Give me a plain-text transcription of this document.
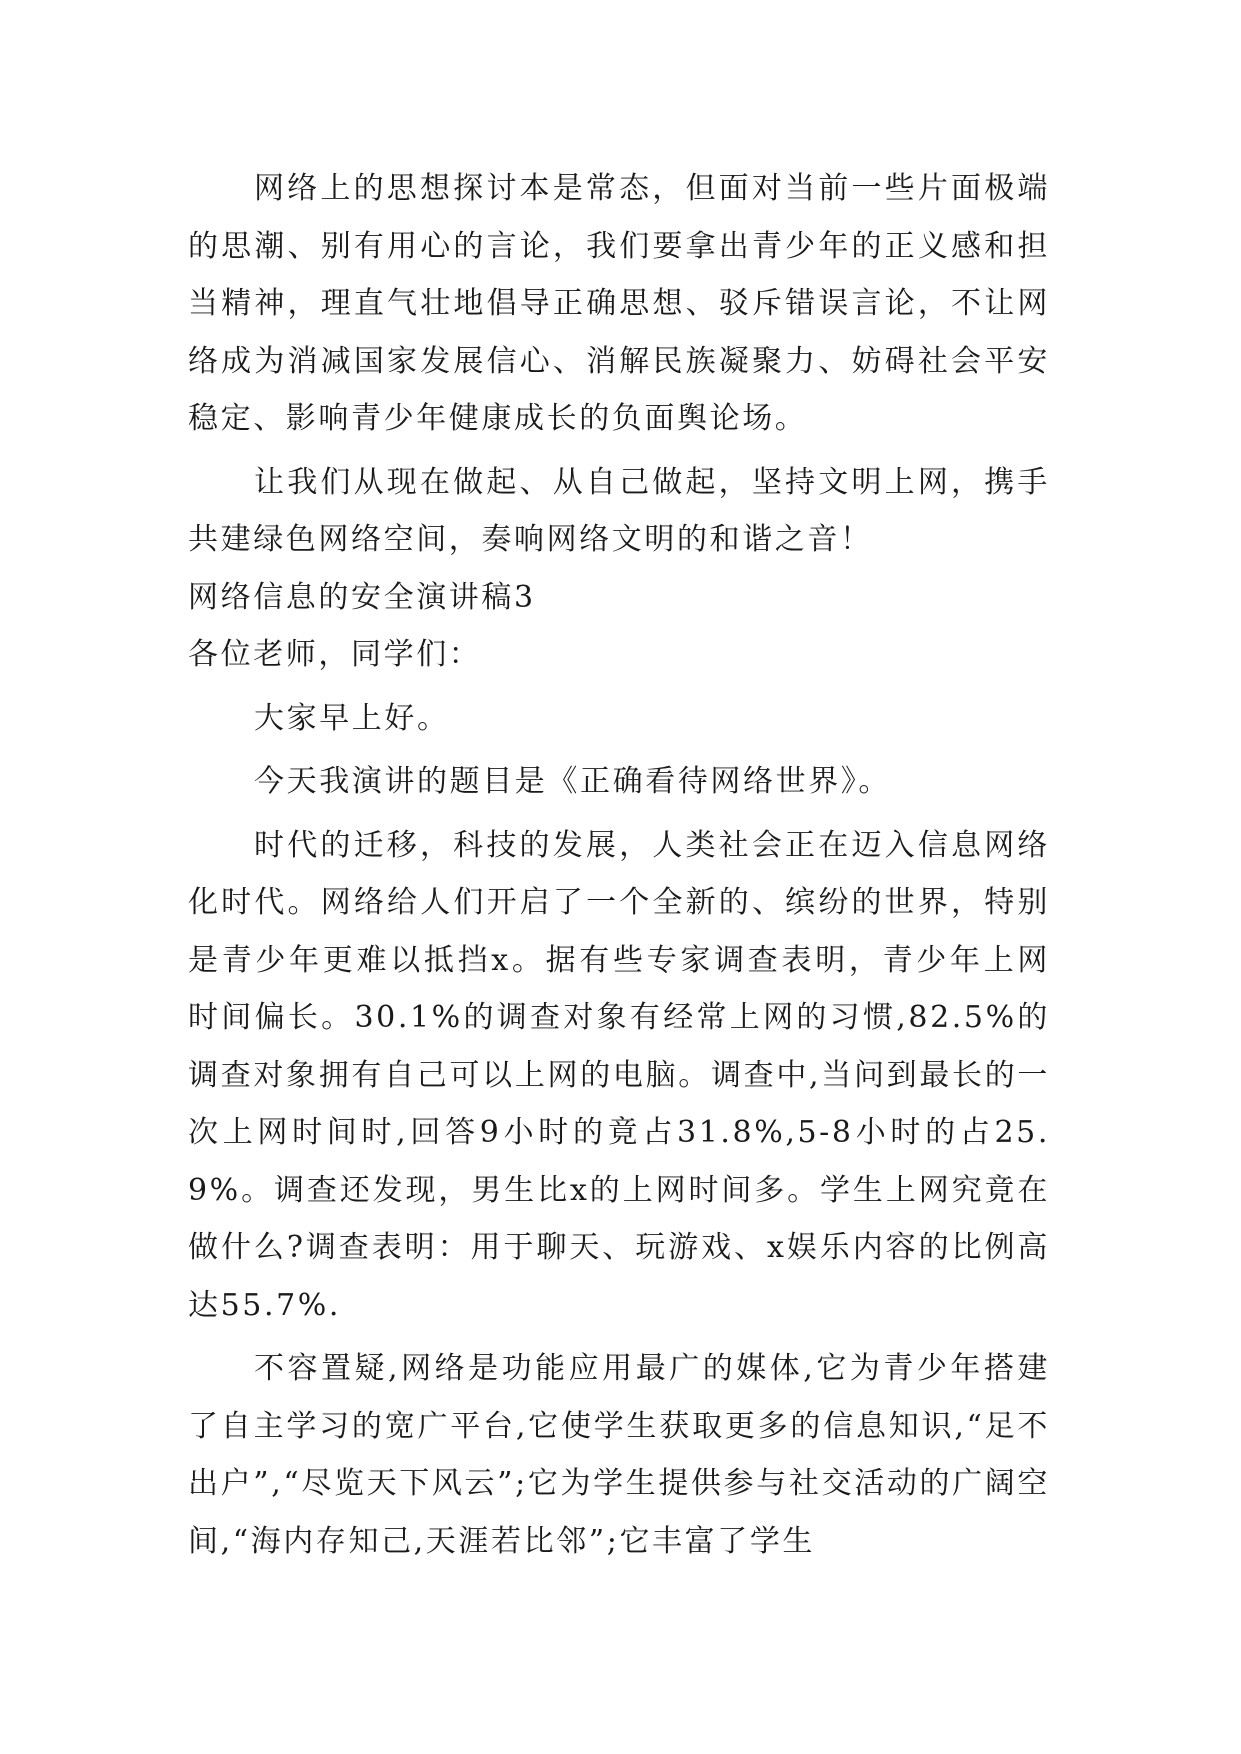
网络上的思想探讨本是常态，但面对当前一些片面极端的思潮、别有用心的言论，我们要拿出青少年的正义感和担当精神，理直气壮地倡导正确思想、驳斥错误言论，不让网络成为消减国家发展信心、消解民族凝聚力、妨碍社会平安稳定、影响青少年健康成长的负面舆论场。

让我们从现在做起、从自己做起，坚持文明上网，携手共建绿色网络空间，奏响网络文明的和谐之音！

网络信息的安全演讲稿3

各位老师，同学们：

大家早上好。

今天我演讲的题目是《正确看待网络世界》。

时代的迁移，科技的发展，人类社会正在迈入信息网络化时代。网络给人们开启了一个全新的、缤纷的世界，特别是青少年更难以抵挡x。据有些专家调查表明，青少年上网时间偏长。30.1%的调查对象有经常上网的习惯,82.5%的调查对象拥有自己可以上网的电脑。调查中,当问到最长的一次上网时间时,回答9小时的竟占31.8%,5-8小时的占25.9%。调查还发现，男生比x的上网时间多。学生上网究竟在做什么?调查表明：用于聊天、玩游戏、x娱乐内容的比例高达55.7%.

不容置疑,网络是功能应用最广的媒体,它为青少年搭建了自主学习的宽广平台,它使学生获取更多的信息知识,“足不出户”,“尽览天下风云”;它为学生提供参与社交活动的广阔空间,“海内存知己,天涯若比邻”;它丰富了学生
